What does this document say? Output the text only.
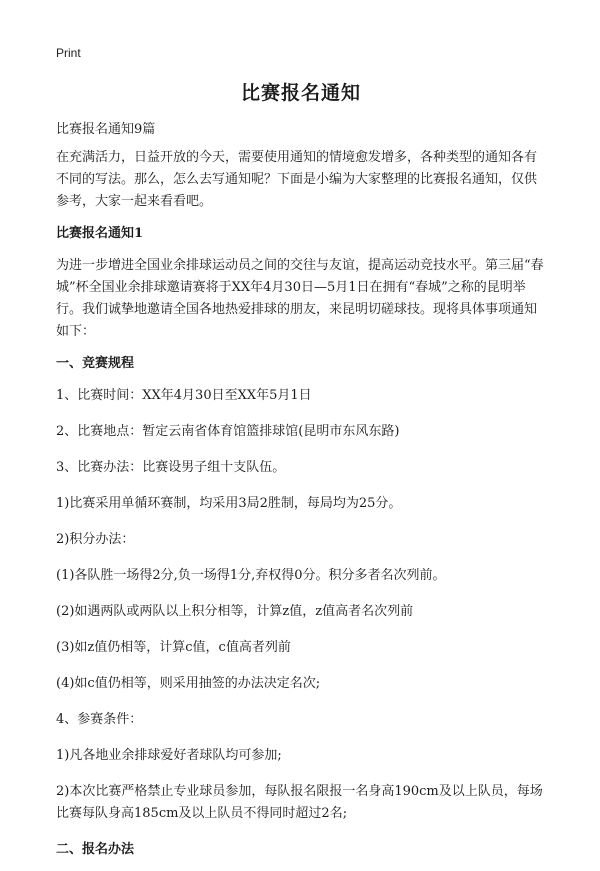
Print
比赛报名通知

比赛报名通知9篇

在充满活力，日益开放的今天，需要使用通知的情境愈发增多，各种类型的通知各有不同的写法。那么，怎么去写通知呢？下面是小编为大家整理的比赛报名通知，仅供参考，大家一起来看看吧。

比赛报名通知1

为进一步增进全国业余排球运动员之间的交往与友谊，提高运动竞技水平。第三届“春城”杯全国业余排球邀请赛将于XX年4月30日—5月1日在拥有“春城”之称的昆明举行。我们诚挚地邀请全国各地热爱排球的朋友，来昆明切磋球技。现将具体事项通知如下：

一、竞赛规程

1、比赛时间：XX年4月30日至XX年5月1日

2、比赛地点：暂定云南省体育馆篮排球馆(昆明市东风东路)

3、比赛办法：比赛设男子组十支队伍。

1)比赛采用单循环赛制，均采用3局2胜制，每局均为25分。

2)积分办法：

(1)各队胜一场得2分,负一场得1分,弃权得0分。积分多者名次列前。

(2)如遇两队或两队以上积分相等，计算z值，z值高者名次列前

(3)如z值仍相等，计算c值，c值高者列前

(4)如c值仍相等，则采用抽签的办法决定名次;

4、参赛条件：

1)凡各地业余排球爱好者球队均可参加;

2)本次比赛严格禁止专业球员参加，每队报名限报一名身高190cm及以上队员，每场比赛每队身高185cm及以上队员不得同时超过2名;

二、报名办法
